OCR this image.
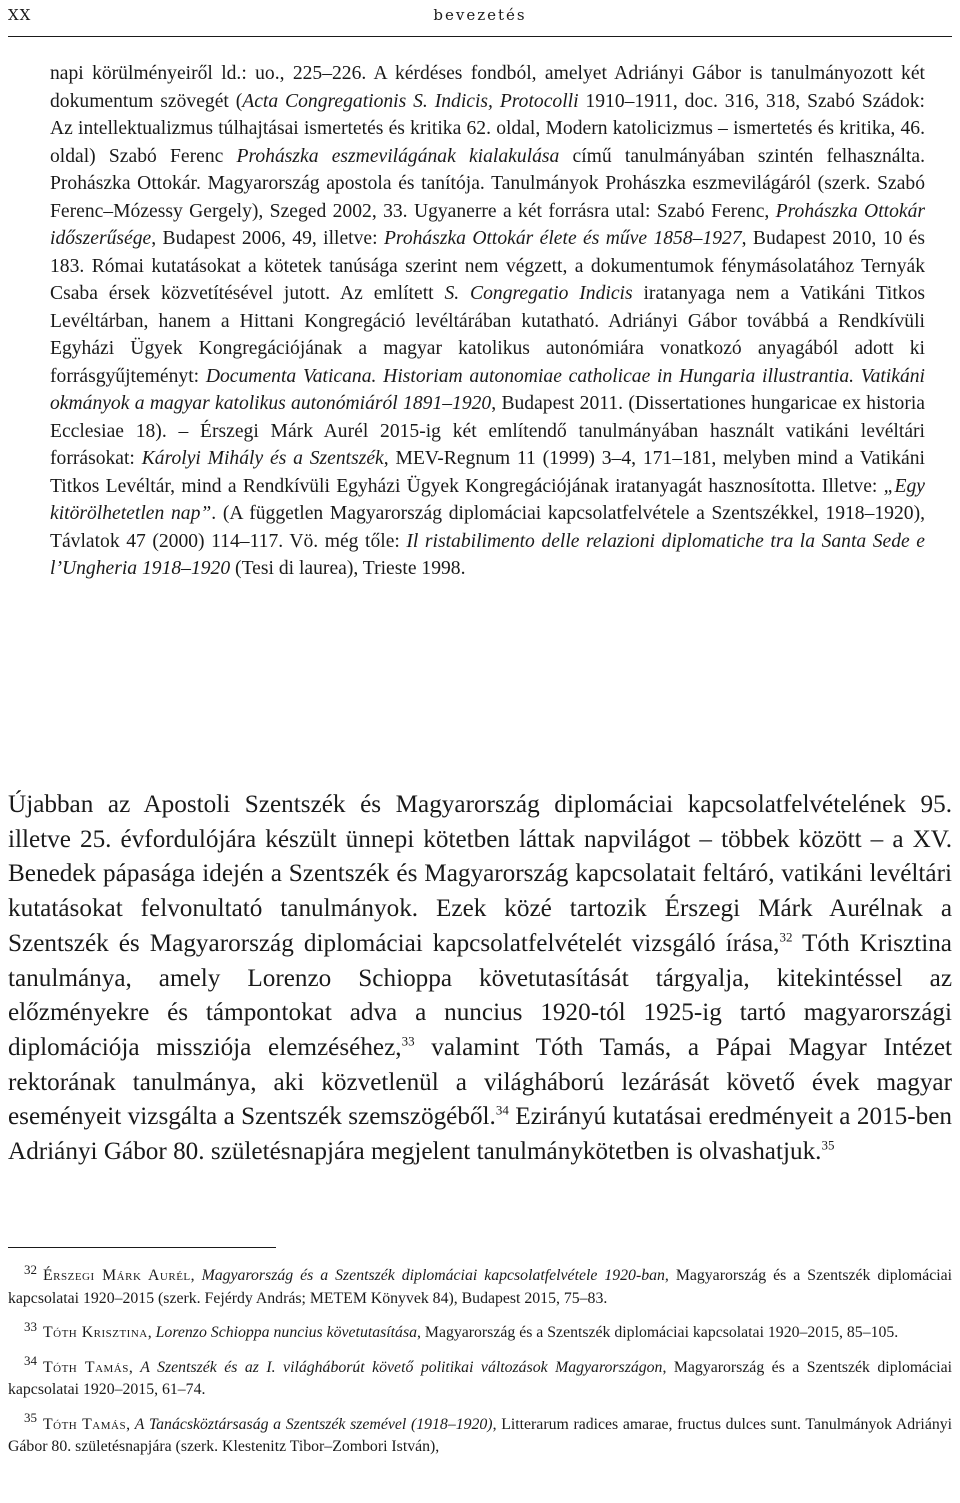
XX	bevezetés

napi körülményeiről ld.: uo., 225–226. A kérdéses fondból, amelyet Adriányi Gábor is tanulmányozott két dokumentum szövegét (Acta Congregationis S. Indicis, Protocolli 1910–1911, doc. 316, 318, Szabó Szádok: Az intellektualizmus túlhajtásai ismertetés és kritika 62. oldal, Modern katolicizmus – ismertetés és kritika, 46. oldal) Szabó Ferenc Prohászka eszmevilágának kialakulása című tanulmányában szintén felhasználta. Prohászka Ottokár. Magyarország apostola és tanítója. Tanulmányok Prohászka eszmevilágáról (szerk. Szabó Ferenc–Mózessy Gergely), Szeged 2002, 33. Ugyanerre a két forrásra utal: Szabó Ferenc, Prohászka Ottokár időszerűsége, Budapest 2006, 49, illetve: Prohászka Ottokár élete és műve 1858–1927, Budapest 2010, 10 és 183. Római kutatásokat a kötetek tanúsága szerint nem végzett, a dokumentumok fénymásolatához Ternyák Csaba érsek közvetítésével jutott. Az említett S. Congregatio Indicis iratanyaga nem a Vatikáni Titkos Levéltárban, hanem a Hittani Kongregáció levéltárában kutatható. Adriányi Gábor továbbá a Rendkívüli Egyházi Ügyek Kongregációjának a magyar katolikus autonómiára vonatkozó anyagából adott ki forrásgyűjteményt: Documenta Vaticana. Historiam autonomiae catholicae in Hungaria illustrantia. Vatikáni okmányok a magyar katolikus autonómiáról 1891–1920, Budapest 2011. (Dissertationes hungaricae ex historia Ecclesiae 18). – Érszegi Márk Aurél 2015-ig két említendő tanulmányában használt vatikáni levéltári forrásokat: Károlyi Mihály és a Szentszék, MEV-Regnum 11 (1999) 3–4, 171–181, melyben mind a Vatikáni Titkos Levéltár, mind a Rendkívüli Egyházi Ügyek Kongregációjának iratanyagát hasznosította. Illetve: „Egy kitörölhetetlen nap”. (A független Magyarország diplomáciai kapcsolatfelvétele a Szentszékkel, 1918–1920), Távlatok 47 (2000) 114–117. Vö. még tőle: Il ristabilimento delle relazioni diplomatiche tra la Santa Sede e l’Ungheria 1918–1920 (Tesi di laurea), Trieste 1998.

Újabban az Apostoli Szentszék és Magyarország diplomáciai kapcsolatfelvételének 95. illetve 25. évfordulójára készült ünnepi kötetben láttak napvilágot – többek között – a XV. Benedek pápasága idején a Szentszék és Magyarország kapcsolatait feltáró, vatikáni levéltári kutatásokat felvonultató tanulmányok. Ezek közé tartozik Érszegi Márk Aurélnak a Szentszék és Magyarország diplomáciai kapcsolatfelvételét vizsgáló írása,$^{32}$ Tóth Krisztina tanulmánya, amely Lorenzo Schioppa követutasítását tárgyalja, kitekintéssel az előzményekre és támpontokat adva a nuncius 1920-tól 1925-ig tartó magyarországi diplomációja missziója elemzéséhez,$^{33}$ valamint Tóth Tamás, a Pápai Magyar Intézet rektorának tanulmánya, aki közvetlenül a világháború lezárását követő évek magyar eseményeit vizsgálta a Szentszék szemszögéből.$^{34}$ Ezirányú kutatásai eredményeit a 2015-ben Adriányi Gábor 80. születésnapjára megjelent tanulmánykötetben is olvashatjuk.$^{35}$

$^{32}$ Érszegi Márk Aurél, Magyarország és a Szentszék diplomáciai kapcsolatfelvétele 1920-ban, Magyarország és a Szentszék diplomáciai kapcsolatai 1920–2015 (szerk. Fejérdy András; METEM Könyvek 84), Budapest 2015, 75–83.

$^{33}$ Tóth Krisztina, Lorenzo Schioppa nuncius követutasítása, Magyarország és a Szentszék diplomáciai kapcsolatai 1920–2015, 85–105.

$^{34}$ Tóth Tamás, A Szentszék és az I. világháborút követő politikai változások Magyarországon, Magyarország és a Szentszék diplomáciai kapcsolatai 1920–2015, 61–74.

$^{35}$ Tóth Tamás, A Tanácsköztársaság a Szentszék szemével (1918–1920), Litterarum radices amarae, fructus dulces sunt. Tanulmányok Adriányi Gábor 80. születésnapjára (szerk. Klestenitz Tibor–Zombori István),
